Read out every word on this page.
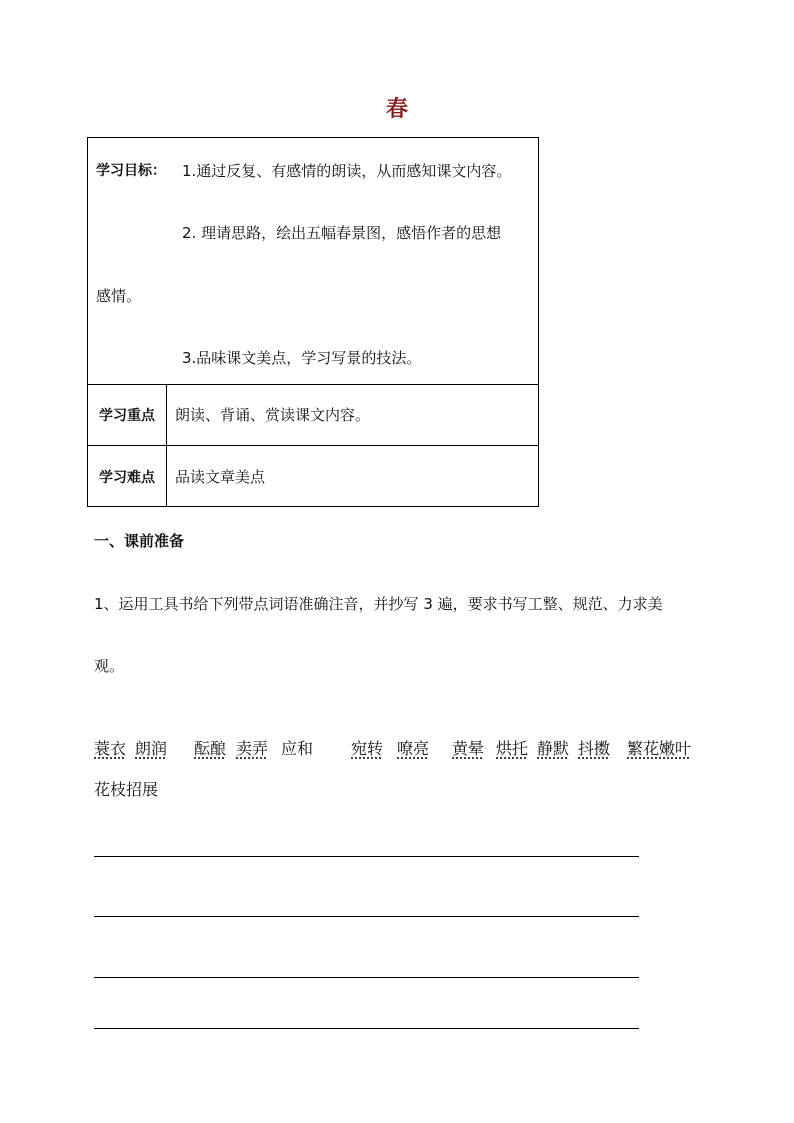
春
学习目标： 1.通过反复、有感情的朗读，从而感知课文内容。
2. 理请思路，绘出五幅春景图，感悟作者的思想
感情。
3.品味课文美点，学习写景的技法。
学习重点	朗读、背诵、赏读课文内容。
学习难点	品读文章美点
一、课前准备
1、运用工具书给下列带点词语准确注音，并抄写 3 遍，要求书写工整、规范、力求美
观。
蓑衣 朗润 酝酿 卖弄 应和 宛转 嘹亮 黄晕 烘托 静默 抖擞 繁花嫩叶
花枝招展
